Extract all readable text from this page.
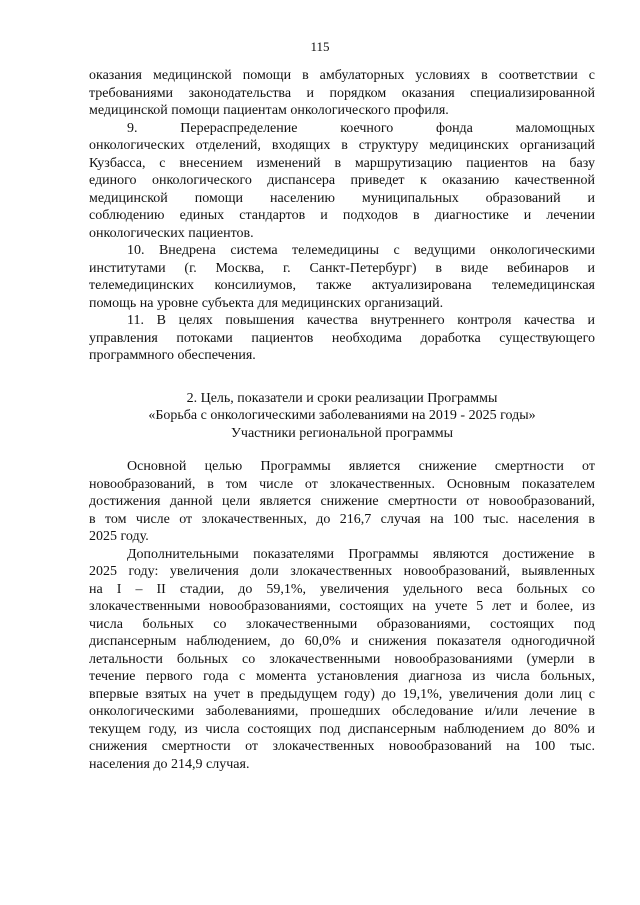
115

оказания медицинской помощи в амбулаторных условиях в соответствии с
требованиями законодательства и порядком оказания специализированной
медицинской помощи пациентам онкологического профиля.

9. Перераспределение коечного фонда маломощных
онкологических отделений, входящих в структуру медицинских организаций
Кузбасса, с внесением изменений в маршрутизацию пациентов на базу
единого онкологического диспансера приведет к оказанию качественной
медицинской помощи населению муниципальных образований и
соблюдению единых стандартов и подходов в диагностике и лечении
онкологических пациентов.

10. Внедрена система телемедицины с ведущими онкологическими
институтами (г. Москва, г. Санкт-Петербург) в виде вебинаров и
телемедицинских консилиумов, также актуализирована телемедицинская
помощь на уровне субъекта для медицинских организаций.

11. В целях повышения качества внутреннего контроля качества и
управления потоками пациентов необходима доработка существующего
программного обеспечения.

2. Цель, показатели и сроки реализации Программы
«Борьба с онкологическими заболеваниями на 2019 - 2025 годы»
Участники региональной программы

Основной целью Программы является снижение смертности от
новообразований, в том числе от злокачественных. Основным показателем
достижения данной цели является снижение смертности от новообразований,
в том числе от злокачественных, до 216,7 случая на 100 тыс. населения в
2025 году.

Дополнительными показателями Программы являются достижение в
2025 году: увеличения доли злокачественных новообразований, выявленных
на I – II стадии, до 59,1%, увеличения удельного веса больных со
злокачественными новообразованиями, состоящих на учете 5 лет и более, из
числа больных со злокачественными образованиями, состоящих под
диспансерным наблюдением, до 60,0% и снижения показателя одногодичной
летальности больных со злокачественными новообразованиями (умерли в
течение первого года с момента установления диагноза из числа больных,
впервые взятых на учет в предыдущем году) до 19,1%, увеличения доли лиц с
онкологическими заболеваниями, прошедших обследование и/или лечение в
текущем году, из числа состоящих под диспансерным наблюдением до 80% и
снижения смертности от злокачественных новообразований на 100 тыс.
населения до 214,9 случая.
